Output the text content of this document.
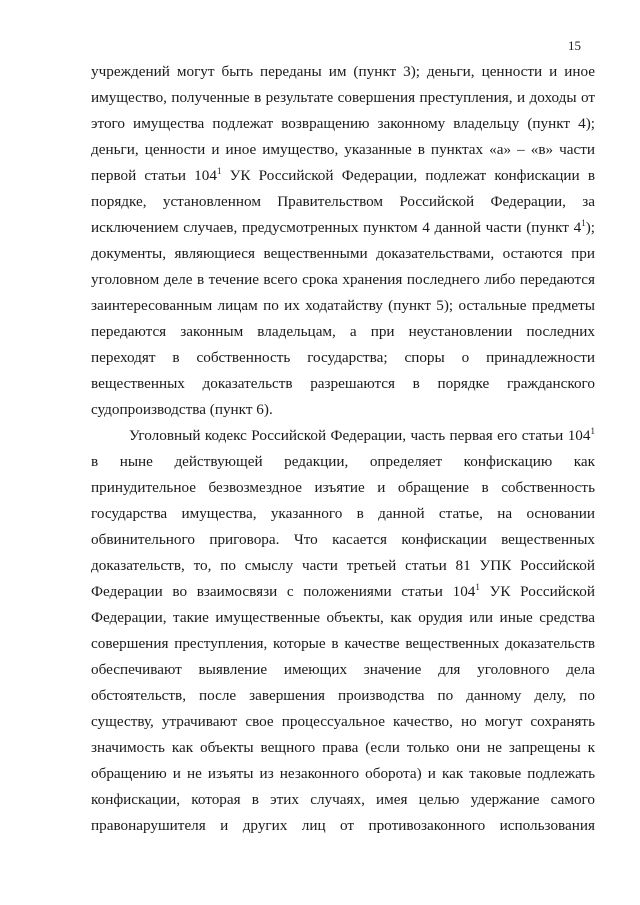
15
учреждений могут быть переданы им (пункт 3); деньги, ценности и иное
имущество, полученные в результате совершения преступления, и доходы от
этого имущества подлежат возвращению законному владельцу (пункт 4);
деньги, ценности и иное имущество, указанные в пунктах «а» – «в» части
первой статьи $104^1$ УК Российской Федерации, подлежат конфискации в
порядке, установленном Правительством Российской Федерации, за
исключением случаев, предусмотренных пунктом 4 данной части (пункт $4^1$);
документы, являющиеся вещественными доказательствами, остаются при
уголовном деле в течение всего срока хранения последнего либо передаются
заинтересованным лицам по их ходатайству (пункт 5); остальные предметы
передаются законным владельцам, а при неустановлении последних
переходят в собственность государства; споры о принадлежности
вещественных доказательств разрешаются в порядке гражданского
судопроизводства (пункт 6).
Уголовный кодекс Российской Федерации, часть первая его статьи $104^1$
в ныне действующей редакции, определяет конфискацию как
принудительное безвозмездное изъятие и обращение в собственность
государства имущества, указанного в данной статье, на основании
обвинительного приговора. Что касается конфискации вещественных
доказательств, то, по смыслу части третьей статьи 81 УПК Российской
Федерации во взаимосвязи с положениями статьи $104^1$ УК Российской
Федерации, такие имущественные объекты, как орудия или иные средства
совершения преступления, которые в качестве вещественных доказательств
обеспечивают выявление имеющих значение для уголовного дела
обстоятельств, после завершения производства по данному делу, по
существу, утрачивают свое процессуальное качество, но могут сохранять
значимость как объекты вещного права (если только они не запрещены к
обращению и не изъяты из незаконного оборота) и как таковые подлежать
конфискации, которая в этих случаях, имея целью удержание самого
правонарушителя и других лиц от противозаконного использования
